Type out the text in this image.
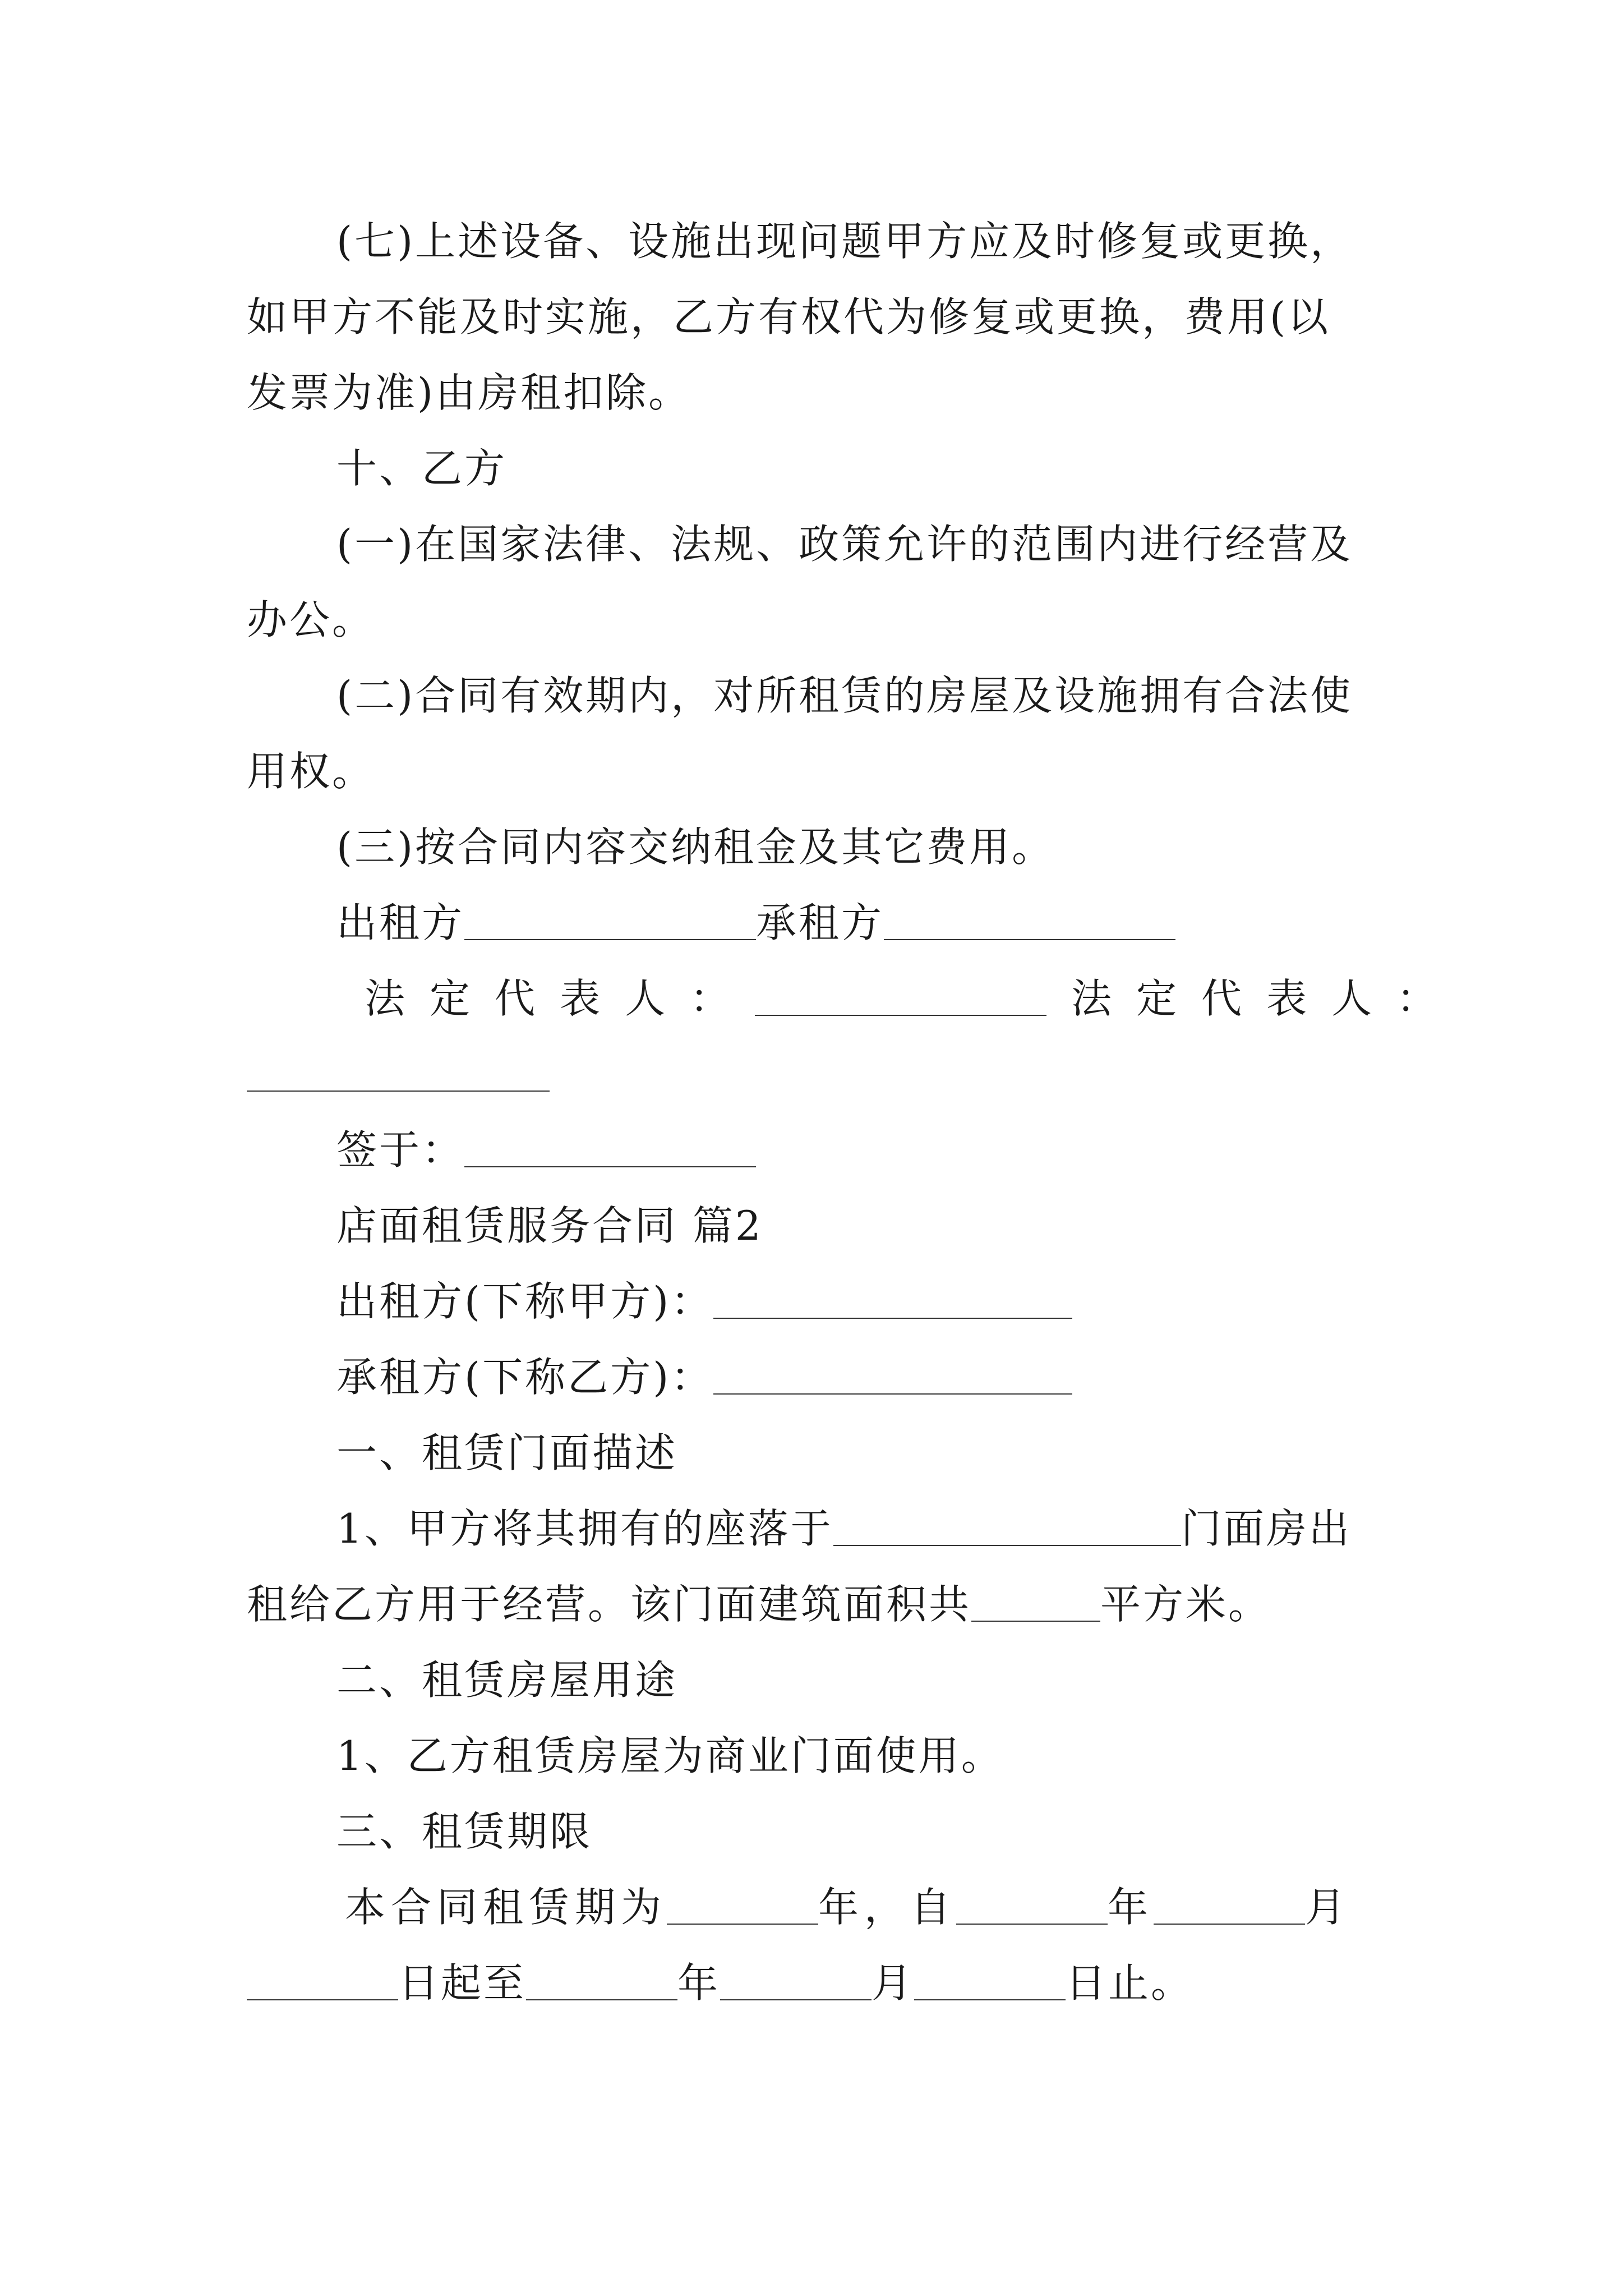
(七)上述设备、设施出现问题甲方应及时修复或更换，
如甲方不能及时实施，乙方有权代为修复或更换，费用(以
发票为准)由房租扣除。
十、乙方
(一)在国家法律、法规、政策允许的范围内进行经营及
办公。
(二)合同有效期内，对所租赁的房屋及设施拥有合法使
用权。
(三)按合同内容交纳租金及其它费用。
出租方	承租方
法定代表人：	法定代表人：
签于：
店面租赁服务合同 篇2
出租方(下称甲方)：
承租方(下称乙方)：
一、租赁门面描述
1、甲方将其拥有的座落于	门面房出
租给乙方用于经营。该门面建筑面积共	平方米。
二、租赁房屋用途
1、乙方租赁房屋为商业门面使用。
三、租赁期限
本合同租赁期为	年，自	年	月
日起至	年	月	日止。
